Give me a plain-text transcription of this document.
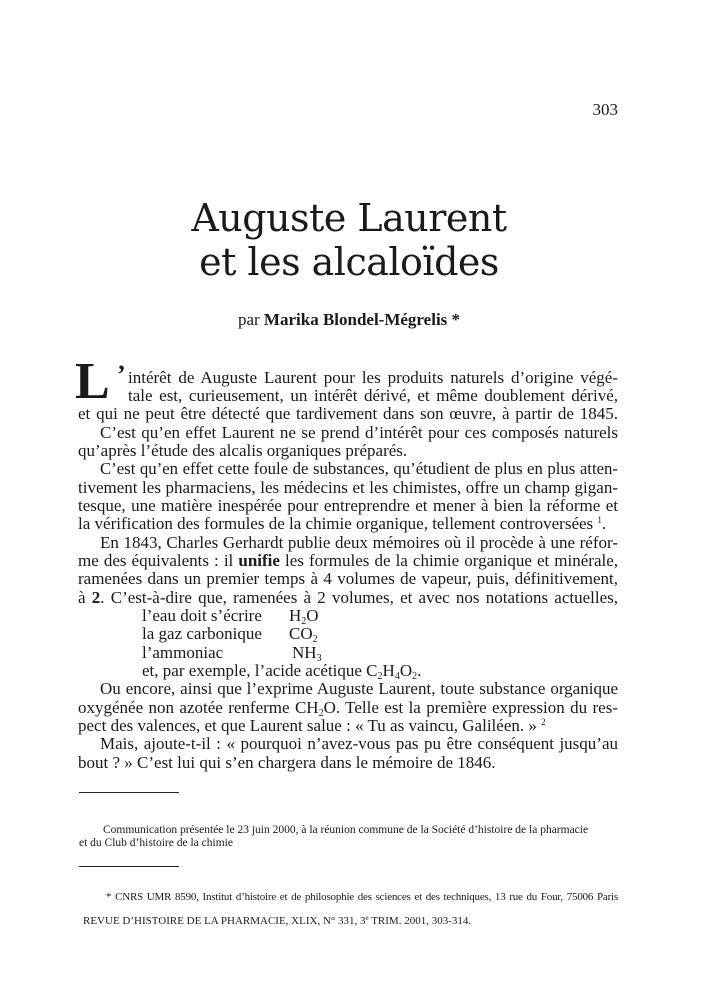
303
Auguste Laurent
et les alcaloïdes
par Marika Blondel-Mégrelis *
L ’ intérêt de Auguste Laurent pour les produits naturels d’origine végé-
tale est, curieusement, un intérêt dérivé, et même doublement dérivé,
et qui ne peut être détecté que tardivement dans son œuvre, à partir de 1845.
C’est qu’en effet Laurent ne se prend d’intérêt pour ces composés naturels
qu’après l’étude des alcalis organiques préparés.
C’est qu’en effet cette foule de substances, qu’étudient de plus en plus atten-
tivement les pharmaciens, les médecins et les chimistes, offre un champ gigan-
tesque, une matière inespérée pour entreprendre et mener à bien la réforme et
la vérification des formules de la chimie organique, tellement controversées $^1$.
En 1843, Charles Gerhardt publie deux mémoires où il procède à une réfor-
me des équivalents : il unifie les formules de la chimie organique et minérale,
ramenées dans un premier temps à 4 volumes de vapeur, puis, définitivement,
à 2. C’est-à-dire que, ramenées à 2 volumes, et avec nos notations actuelles,
l’eau doit s’écrire $H_2O$
la gaz carbonique $CO_2$
l’ammoniac	$NH_3$
et, par exemple, l’acide acétique $C_2H_4O_2$.
Ou encore, ainsi que l’exprime Auguste Laurent, toute substance organique
oxygénée non azotée renferme $CH_2O$. Telle est la première expression du res-
pect des valences, et que Laurent salue : « Tu as vaincu, Galiléen. » $^2$
Mais, ajoute-t-il : « pourquoi n’avez-vous pas pu être conséquent jusqu’au
bout ? » C’est lui qui s’en chargera dans le mémoire de 1846.
Communication présentée le 23 juin 2000, à la réunion commune de la Société d’histoire de la pharmacie
et du Club d’histoire de la chimie
* CNRS UMR 8590, Institut d’histoire et de philosophie des sciences et des techniques, 13 rue du Four, 75006 Paris
REVUE D’HISTOIRE DE LA PHARMACIE, XLIX, N° 331, 3e TRIM. 2001, 303-314.
